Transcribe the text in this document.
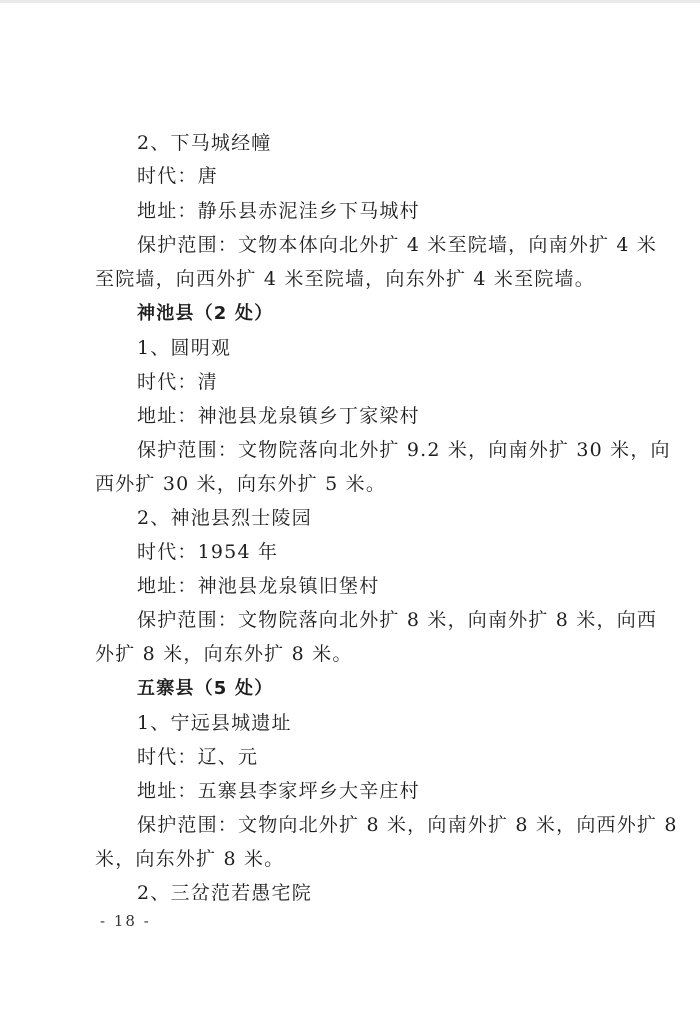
2、下马城经幢
时代：唐
地址：静乐县赤泥洼乡下马城村
保护范围：文物本体向北外扩 4 米至院墙，向南外扩 4 米
至院墙，向西外扩 4 米至院墙，向东外扩 4 米至院墙。
神池县（2 处）
1、圆明观
时代：清
地址：神池县龙泉镇乡丁家梁村
保护范围：文物院落向北外扩 9.2 米，向南外扩 30 米，向
西外扩 30 米，向东外扩 5 米。
2、神池县烈士陵园
时代：1954 年
地址：神池县龙泉镇旧堡村
保护范围：文物院落向北外扩 8 米，向南外扩 8 米，向西
外扩 8 米，向东外扩 8 米。
五寨县（5 处）
1、宁远县城遗址
时代：辽、元
地址：五寨县李家坪乡大辛庄村
保护范围：文物向北外扩 8 米，向南外扩 8 米，向西外扩 8
米，向东外扩 8 米。
2、三岔范若愚宅院
- 18 -
